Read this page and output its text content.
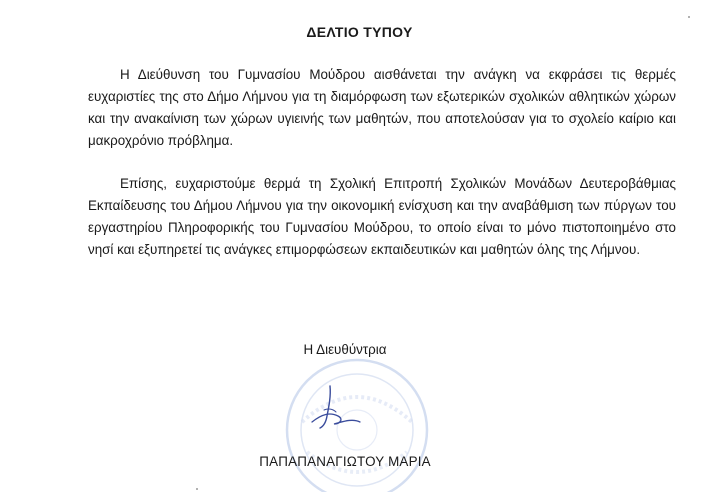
ΔΕΛΤΙΟ ΤΥΠΟΥ
Η Διεύθυνση του Γυμνασίου Μούδρου αισθάνεται την ανάγκη να εκφράσει τις θερμές ευχαριστίες της στο Δήμο Λήμνου για τη διαμόρφωση των εξωτερικών σχολικών αθλητικών χώρων και την ανακαίνιση των χώρων υγιεινής των μαθητών, που αποτελούσαν για το σχολείο καίριο και μακροχρόνιο πρόβλημα.
Επίσης, ευχαριστούμε θερμά τη Σχολική Επιτροπή Σχολικών Μονάδων Δευτεροβάθμιας Εκπαίδευσης του Δήμου Λήμνου για την οικονομική ενίσχυση και την αναβάθμιση των πύργων του εργαστηρίου Πληροφορικής του Γυμνασίου Μούδρου, το οποίο είναι το μόνο πιστοποιημένο στο νησί και εξυπηρετεί τις ανάγκες επιμορφώσεων εκπαιδευτικών και μαθητών όλης της Λήμνου.
Η Διευθύντρια
ΠΑΠΑΠΑΝΑΓΙΩΤΟΥ ΜΑΡΙΑ
